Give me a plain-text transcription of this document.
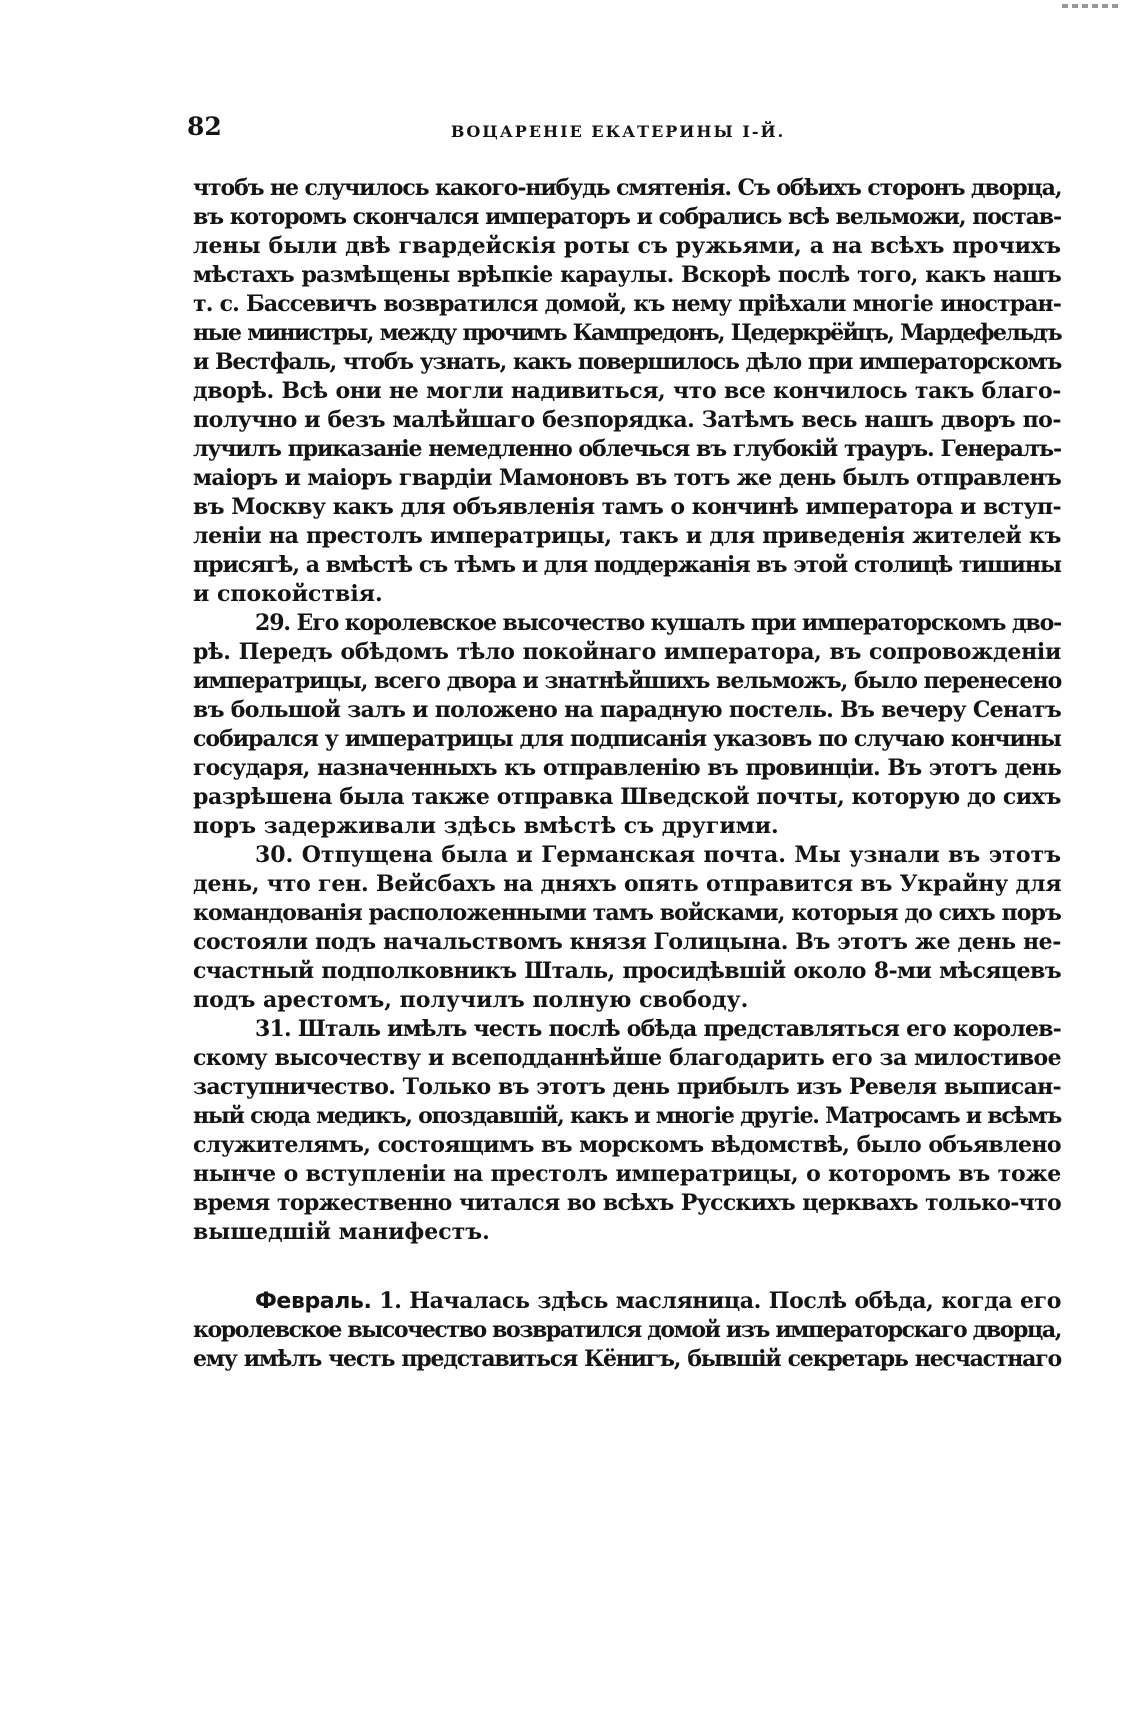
82	ВОЦАРЕНІЕ ЕКАТЕРИНЫ І-Й.
чтобъ не случилось какого-нибудь смятенія. Съ обѣихъ сторонъ дворца,
въ которомъ скончался императоръ и собрались всѣ вельможи, постав-
лены были двѣ гвардейскія роты съ ружьями, а на всѣхъ прочихъ
мѣстахъ размѣщены врѣпкіе караулы. Вскорѣ послѣ того, какъ нашъ
т. с. Бассевичъ возвратился домой, къ нему пріѣхали многіе иностран-
ные министры, между прочимъ Кампредонъ, Цедеркрёйцъ, Мардефельдъ
и Вестфаль, чтобъ узнать, какъ повершилось дѣло при императорскомъ
дворѣ. Всѣ они не могли надивиться, что все кончилось такъ благо-
получно и безъ малѣйшаго безпорядка. Затѣмъ весь нашъ дворъ по-
лучилъ приказаніе немедленно облечься въ глубокій трауръ. Генералъ-
маіоръ и маіоръ гвардіи Мамоновъ въ тотъ же день былъ отправленъ
въ Москву какъ для объявленія тамъ о кончинѣ императора и вступ-
леніи на престолъ императрицы, такъ и для приведенія жителей къ
присягѣ, а вмѣстѣ съ тѣмъ и для поддержанія въ этой столицѣ тишины
и спокойствія.
29. Его королевское высочество кушалъ при императорскомъ дво-
рѣ. Передъ обѣдомъ тѣло покойнаго императора, въ сопровожденіи
императрицы, всего двора и знатнѣйшихъ вельможъ, было перенесено
въ большой залъ и положено на парадную постель. Въ вечеру Сенатъ
собирался у императрицы для подписанія указовъ по случаю кончины
государя, назначенныхъ къ отправленію въ провинціи. Въ этотъ день
разрѣшена была также отправка Шведской почты, которую до сихъ
поръ задерживали здѣсь вмѣстѣ съ другими.
30. Отпущена была и Германская почта. Мы узнали въ этотъ
день, что ген. Вейсбахъ на дняхъ опять отправится въ Украйну для
командованія расположенными тамъ войсками, которыя до сихъ поръ
состояли подъ начальствомъ князя Голицына. Въ этотъ же день не-
счастный подполковникъ Шталь, просидѣвшій около 8-ми мѣсяцевъ
подъ арестомъ, получилъ полную свободу.
31. Шталь имѣлъ честь послѣ обѣда представляться его королев-
скому высочеству и всеподданнѣйше благодарить его за милостивое
заступничество. Только въ этотъ день прибылъ изъ Ревеля выписан-
ный сюда медикъ, опоздавшій, какъ и многіе другіе. Матросамъ и всѣмъ
служителямъ, состоящимъ въ морскомъ вѣдомствѣ, было объявлено
нынче о вступленіи на престолъ императрицы, о которомъ въ тоже
время торжественно читался во всѣхъ Русскихъ церквахъ только-что
вышедшій манифестъ.
Февраль. 1. Началась здѣсь масляница. Послѣ обѣда, когда его
королевское высочество возвратился домой изъ императорскаго дворца,
ему имѣлъ честь представиться Кёнигъ, бывшій секретарь несчастнаго
